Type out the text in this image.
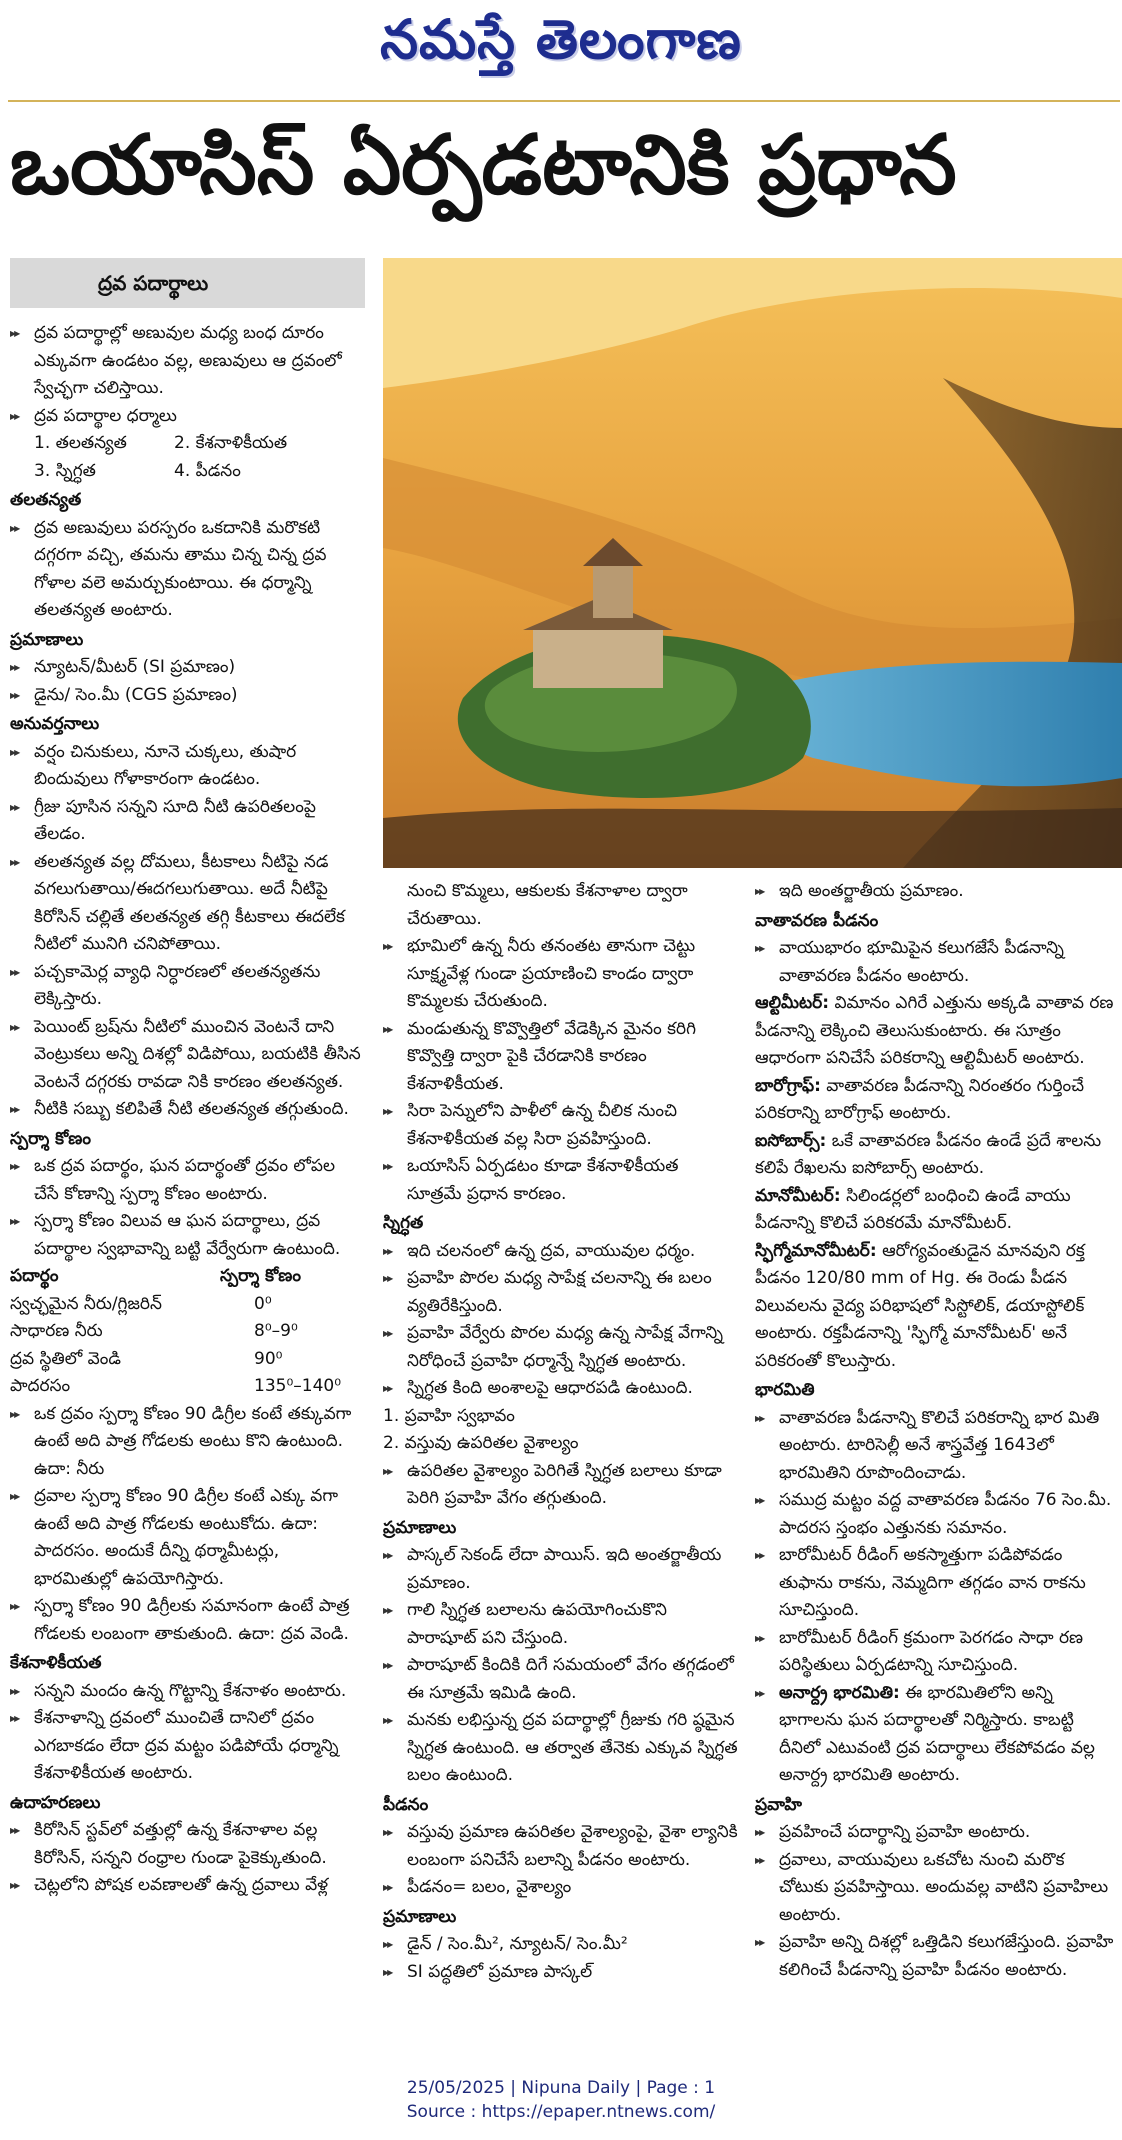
నమస్తే తెలంగాణ
ఒయాసిస్ ఏర్పడటానికి ప్రధాన
ద్రవ పదార్థాలు
▶▶ ద్రవ పదార్థాల్లో అణువుల మధ్య బంధ దూరం ఎక్కువగా ఉండటం వల్ల, అణువులు ఆ ద్రవంలో స్వేచ్ఛగా చలిస్తాయి.
▶▶ ద్రవ పదార్థాల ధర్మాలు
1. తలతన్యత	2. కేశనాళికీయత
3. స్నిగ్ధత	4. పీడనం
తలతన్యత
▶▶ ద్రవ అణువులు పరస్పరం ఒకదానికి మరొకటి దగ్గరగా వచ్చి, తమను తాము చిన్న చిన్న ద్రవ గోళాల వలె అమర్చుకుంటాయి. ఈ ధర్మాన్ని తలతన్యత అంటారు.
ప్రమాణాలు
▶▶ న్యూటన్/మీటర్ (SI ప్రమాణం)
▶▶ డైను/ సెం.మీ (CGS ప్రమాణం)
అనువర్తనాలు
▶▶ వర్షం చినుకులు, నూనె చుక్కలు, తుషార బిందువులు గోళాకారంగా ఉండటం.
▶▶ గ్రీజు పూసిన సన్నని సూది నీటి ఉపరితలంపై తేలడం.
▶▶ తలతన్యత వల్ల దోమలు, కీటకాలు నీటిపై నడ వగలుగుతాయి/ఈదగలుగుతాయి. అదే నీటిపై కిరోసిన్ చల్లితే తలతన్యత తగ్గి కీటకాలు ఈదలేక నీటిలో మునిగి చనిపోతాయి.
▶▶ పచ్చకామెర్ల వ్యాధి నిర్ధారణలో తలతన్యతను లెక్కిస్తారు.
▶▶ పెయింట్ బ్రష్‌ను నీటిలో ముంచిన వెంటనే దాని వెంట్రుకలు అన్ని దిశల్లో విడిపోయి, బయటికి తీసిన వెంటనే దగ్గరకు రావడా నికి కారణం తలతన్యత.
▶▶ నీటికి సబ్బు కలిపితే నీటి తలతన్యత తగ్గుతుంది.
స్పర్శా కోణం
▶▶ ఒక ద్రవ పదార్థం, ఘన పదార్థంతో ద్రవం లోపల చేసే కోణాన్ని స్పర్శా కోణం అంటారు.
▶▶ స్పర్శా కోణం విలువ ఆ ఘన పదార్థాలు, ద్రవ పదార్థాల స్వభావాన్ని బట్టి వేర్వేరుగా ఉంటుంది.
పదార్థం	స్పర్శా కోణం
స్వచ్ఛమైన నీరు/గ్లిజరిన్	0⁰
సాధారణ నీరు	8⁰–9⁰
ద్రవ స్థితిలో వెండి	90⁰
పాదరసం	135⁰–140⁰
▶▶ ఒక ద్రవం స్పర్శా కోణం 90 డిగ్రీల కంటే తక్కువగా ఉంటే అది పాత్ర గోడలకు అంటు కొని ఉంటుంది. ఉదా: నీరు
▶▶ ద్రవాల స్పర్శా కోణం 90 డిగ్రీల కంటే ఎక్కు వగా ఉంటే అది పాత్ర గోడలకు అంటుకోదు. ఉదా: పాదరసం. అందుకే దీన్ని థర్మామీటర్లు, భారమితుల్లో ఉపయోగిస్తారు.
▶▶ స్పర్శా కోణం 90 డిగ్రీలకు సమానంగా ఉంటే పాత్ర గోడలకు లంబంగా తాకుతుంది. ఉదా: ద్రవ వెండి.
కేశనాళికీయత
▶▶ సన్నని మందం ఉన్న గొట్టాన్ని కేశనాళం అంటారు.
▶▶ కేశనాళాన్ని ద్రవంలో ముంచితే దానిలో ద్రవం ఎగబాకడం లేదా ద్రవ మట్టం పడిపోయే ధర్మాన్ని కేశనాళికీయత అంటారు.
ఉదాహరణలు
▶▶ కిరోసిన్ స్టవ్‌లో వత్తుల్లో ఉన్న కేశనాళాల వల్ల కిరోసిన్, సన్నని రంధ్రాల గుండా పైకెక్కుతుంది.
▶▶ చెట్లలోని పోషక లవణాలతో ఉన్న ద్రవాలు వేళ్ల
నుంచి కొమ్మలు, ఆకులకు కేశనాళాల ద్వారా చేరుతాయి.
▶▶ భూమిలో ఉన్న నీరు తనంతట తానుగా చెట్టు సూక్ష్మవేళ్ల గుండా ప్రయాణించి కాండం ద్వారా కొమ్మలకు చేరుతుంది.
▶▶ మండుతున్న కొవ్వొత్తిలో వేడెక్కిన మైనం కరిగి కొవ్వొత్తి ద్వారా పైకి చేరడానికి కారణం కేశనాళికీయత.
▶▶ సిరా పెన్నులోని పాళీలో ఉన్న చీలిక నుంచి కేశనాళికీయత వల్ల సిరా ప్రవహిస్తుంది.
▶▶ ఒయాసిస్ ఏర్పడటం కూడా కేశనాళికీయత సూత్రమే ప్రధాన కారణం.
స్నిగ్ధత
▶▶ ఇది చలనంలో ఉన్న ద్రవ, వాయువుల ధర్మం.
▶▶ ప్రవాహి పొరల మధ్య సాపేక్ష చలనాన్ని ఈ బలం వ్యతిరేకిస్తుంది.
▶▶ ప్రవాహి వేర్వేరు పొరల మధ్య ఉన్న సాపేక్ష వేగాన్ని నిరోధించే ప్రవాహి ధర్మాన్నే స్నిగ్ధత అంటారు.
▶▶ స్నిగ్ధత కింది అంశాలపై ఆధారపడి ఉంటుంది.
1. ప్రవాహి స్వభావం
2. వస్తువు ఉపరితల వైశాల్యం
▶▶ ఉపరితల వైశాల్యం పెరిగితే స్నిగ్ధత బలాలు కూడా పెరిగి ప్రవాహి వేగం తగ్గుతుంది.
ప్రమాణాలు
▶▶ పాస్కల్ సెకండ్ లేదా పాయిస్. ఇది అంతర్జాతీయ ప్రమాణం.
▶▶ గాలి స్నిగ్ధత బలాలను ఉపయోగించుకొని పారాషూట్ పని చేస్తుంది.
▶▶ పారాషూట్ కిందికి దిగే సమయంలో వేగం తగ్గడంలో ఈ సూత్రమే ఇమిడి ఉంది.
▶▶ మనకు లభిస్తున్న ద్రవ పదార్థాల్లో గ్రీజుకు గరి ష్ఠమైన స్నిగ్ధత ఉంటుంది. ఆ తర్వాత తేనెకు ఎక్కువ స్నిగ్ధత బలం ఉంటుంది.
పీడనం
▶▶ వస్తువు ప్రమాణ ఉపరితల వైశాల్యంపై, వైశా ల్యానికి లంబంగా పనిచేసే బలాన్ని పీడనం అంటారు.
▶▶ పీడనం= బలం, వైశాల్యం
ప్రమాణాలు
▶▶ డైన్ / సెం.మీ², న్యూటన్/ సెం.మీ²
▶▶ SI పద్ధతిలో ప్రమాణ పాస్కల్
▶▶ ఇది అంతర్జాతీయ ప్రమాణం.
వాతావరణ పీడనం
▶▶ వాయుభారం భూమిపైన కలుగజేసే పీడనాన్ని వాతావరణ పీడనం అంటారు.
ఆల్టిమీటర్: విమానం ఎగిరే ఎత్తును అక్కడి వాతావ రణ పీడనాన్ని లెక్కించి తెలుసుకుంటారు. ఈ సూత్రం ఆధారంగా పనిచేసే పరికరాన్ని ఆల్టిమీటర్ అంటారు.
బారోగ్రాఫ్: వాతావరణ పీడనాన్ని నిరంతరం గుర్తించే పరికరాన్ని బారోగ్రాఫ్ అంటారు.
ఐసోబార్స్: ఒకే వాతావరణ పీడనం ఉండే ప్రదే శాలను కలిపే రేఖలను ఐసోబార్స్ అంటారు.
మానోమీటర్: సిలిండర్లలో బంధించి ఉండే వాయు పీడనాన్ని కొలిచే పరికరమే మానోమీటర్.
స్ఫిగ్మోమానోమీటర్: ఆరోగ్యవంతుడైన మానవుని రక్త పీడనం 120/80 mm of Hg. ఈ రెండు పీడన విలువలను వైద్య పరిభాషలో సిస్టోలిక్, డయాస్టోలిక్ అంటారు. రక్తపీడనాన్ని 'స్ఫిగ్మో మానోమీటర్' అనే పరికరంతో కొలుస్తారు.
భారమితి
▶▶ వాతావరణ పీడనాన్ని కొలిచే పరికరాన్ని భార మితి అంటారు. టారిసెల్లీ అనే శాస్త్రవేత్త 1643లో భారమితిని రూపొందించాడు.
▶▶ సముద్ర మట్టం వద్ద వాతావరణ పీడనం 76 సెం.మీ. పాదరస స్తంభం ఎత్తునకు సమానం.
▶▶ బారోమీటర్ రీడింగ్ అకస్మాత్తుగా పడిపోవడం తుఫాను రాకను, నెమ్మదిగా తగ్గడం వాన రాకను సూచిస్తుంది.
▶▶ బారోమీటర్ రీడింగ్ క్రమంగా పెరగడం సాధా రణ పరిస్థితులు ఏర్పడటాన్ని సూచిస్తుంది.
▶▶ అనార్ద్ర భారమితి: ఈ భారమితిలోని అన్ని భాగాలను ఘన పదార్థాలతో నిర్మిస్తారు. కాబట్టి దీనిలో ఎటువంటి ద్రవ పదార్థాలు లేకపోవడం వల్ల అనార్ద్ర భారమితి అంటారు.
ప్రవాహి
▶▶ ప్రవహించే పదార్థాన్ని ప్రవాహి అంటారు.
▶▶ ద్రవాలు, వాయువులు ఒకచోట నుంచి మరొక చోటుకు ప్రవహిస్తాయి. అందువల్ల వాటిని ప్రవాహిలు అంటారు.
▶▶ ప్రవాహి అన్ని దిశల్లో ఒత్తిడిని కలుగజేస్తుంది. ప్రవాహి కలిగించే పీడనాన్ని ప్రవాహి పీడనం అంటారు.
25/05/2025 | Nipuna Daily | Page : 1
Source : https://epaper.ntnews.com/
